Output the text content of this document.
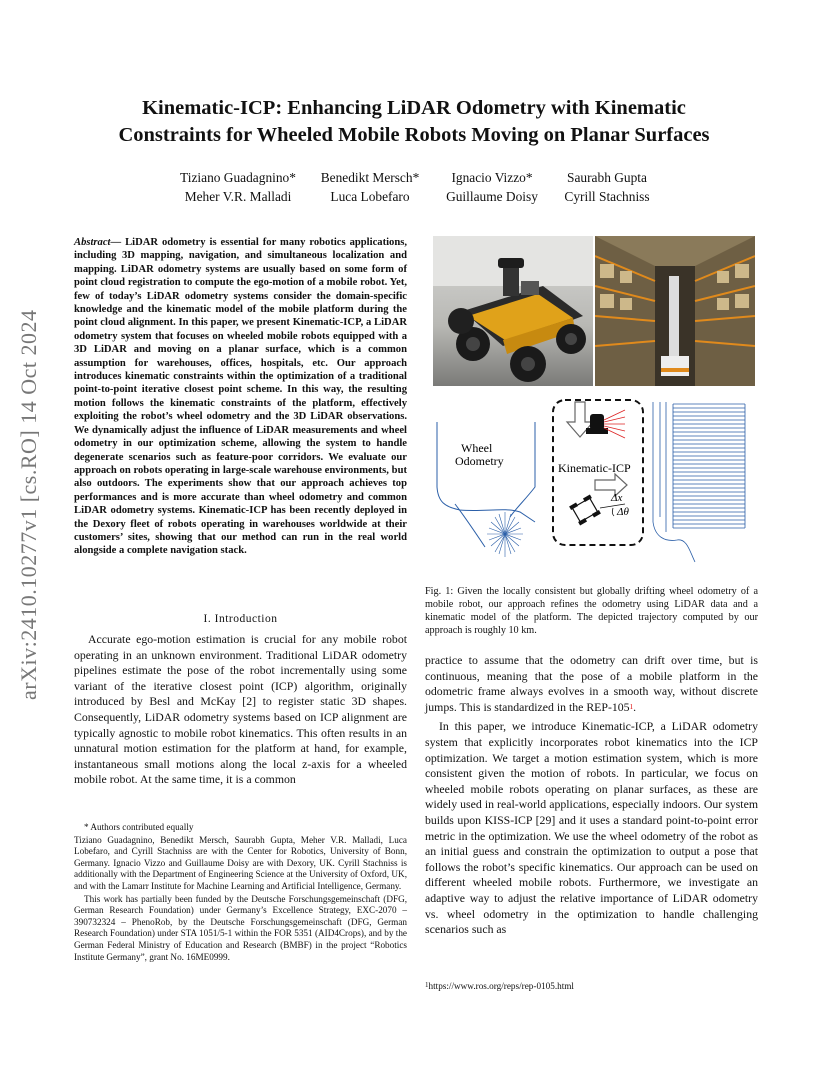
Kinematic-ICP: Enhancing LiDAR Odometry with Kinematic
Constraints for Wheeled Mobile Robots Moving on Planar Surfaces
Tiziano Guadagnino*
Meher V.R. Malladi
Benedikt Mersch*
Luca Lobefaro
Ignacio Vizzo*
Guillaume Doisy
Saurabh Gupta
Cyrill Stachniss
arXiv:2410.10277v1 [cs.RO] 14 Oct 2024
Abstract— LiDAR odometry is essential for many robotics applications, including 3D mapping, navigation, and simultaneous localization and mapping. LiDAR odometry systems are usually based on some form of point cloud registration to compute the ego-motion of a mobile robot. Yet, few of today’s LiDAR odometry systems consider the domain-specific knowledge and the kinematic model of the mobile platform during the point cloud alignment. In this paper, we present Kinematic-ICP, a LiDAR odometry system that focuses on wheeled mobile robots equipped with a 3D LiDAR and moving on a planar surface, which is a common assumption for warehouses, offices, hospitals, etc. Our approach introduces kinematic constraints within the optimization of a traditional point-to-point iterative closest point scheme. In this way, the resulting motion follows the kinematic constraints of the platform, effectively exploiting the robot’s wheel odometry and the 3D LiDAR observations. We dynamically adjust the influence of LiDAR measurements and wheel odometry in our optimization scheme, allowing the system to handle degenerate scenarios such as feature-poor corridors. We evaluate our approach on robots operating in large-scale warehouse environments, but also outdoors. The experiments show that our approach achieves top performances and is more accurate than wheel odometry and common LiDAR odometry systems. Kinematic-ICP has been recently deployed in the Dexory fleet of robots operating in warehouses worldwide at their customers’ sites, showing that our method can run in the real world alongside a complete navigation stack.
I. Introduction

Accurate ego-motion estimation is crucial for any mobile robot operating in an unknown environment. Traditional LiDAR odometry pipelines estimate the pose of the robot incrementally using some variant of the iterative closest point (ICP) algorithm, originally introduced by Besl and McKay [2] to register static 3D shapes. Consequently, LiDAR odometry systems based on ICP alignment are typically agnostic to mobile robot kinematics. This often results in an unnatural motion estimation for the platform at hand, for example, instantaneous small motions along the local z-axis for a wheeled mobile robot. At the same time, it is a common

* Authors contributed equally

Tiziano Guadagnino, Benedikt Mersch, Saurabh Gupta, Meher V.R. Malladi, Luca Lobefaro, and Cyrill Stachniss are with the Center for Robotics, University of Bonn, Germany. Ignacio Vizzo and Guillaume Doisy are with Dexory, UK. Cyrill Stachniss is additionally with the Department of Engineering Science at the University of Oxford, UK, and with the Lamarr Institute for Machine Learning and Artificial Intelligence, Germany.

This work has partially been funded by the Deutsche Forschungsgemeinschaft (DFG, German Research Foundation) under Germany’s Excellence Strategy, EXC-2070 – 390732324 – PhenoRob, by the Deutsche Forschungsgemeinschaft (DFG, German Research Foundation) under STA 1051/5-1 within the FOR 5351 (AID4Crops), and by the German Federal Ministry of Education and Research (BMBF) in the project “Robotics Institute Germany”, grant No. 16ME0999.

Wheel
Odometry	Kinematic-ICP
Δx
Δθ
Fig. 1: Given the locally consistent but globally drifting wheel odometry of a mobile robot, our approach refines the odometry using LiDAR data and a kinematic model of the platform. The depicted trajectory computed by our approach is roughly 10 km.

practice to assume that the odometry can drift over time, but is continuous, meaning that the pose of a mobile platform in the odometric frame always evolves in a smooth way, without discrete jumps. This is standardized in the REP-105$^1$.

In this paper, we introduce Kinematic-ICP, a LiDAR odometry system that explicitly incorporates robot kinematics into the ICP optimization. We target a motion estimation system, which is more consistent given the motion of robots. In particular, we focus on wheeled mobile robots operating on planar surfaces, as these are widely used in real-world applications, especially indoors. Our system builds upon KISS-ICP [29] and it uses a standard point-to-point error metric in the optimization. We use the wheel odometry of the robot as an initial guess and constrain the optimization to output a pose that follows the robot’s specific kinematics. Our approach can be used on different wheeled mobile robots. Furthermore, we investigate an adaptive way to adjust the relative importance of LiDAR odometry vs. wheel odometry in the optimization to handle challenging scenarios such as

$^1$https://www.ros.org/reps/rep-0105.html
